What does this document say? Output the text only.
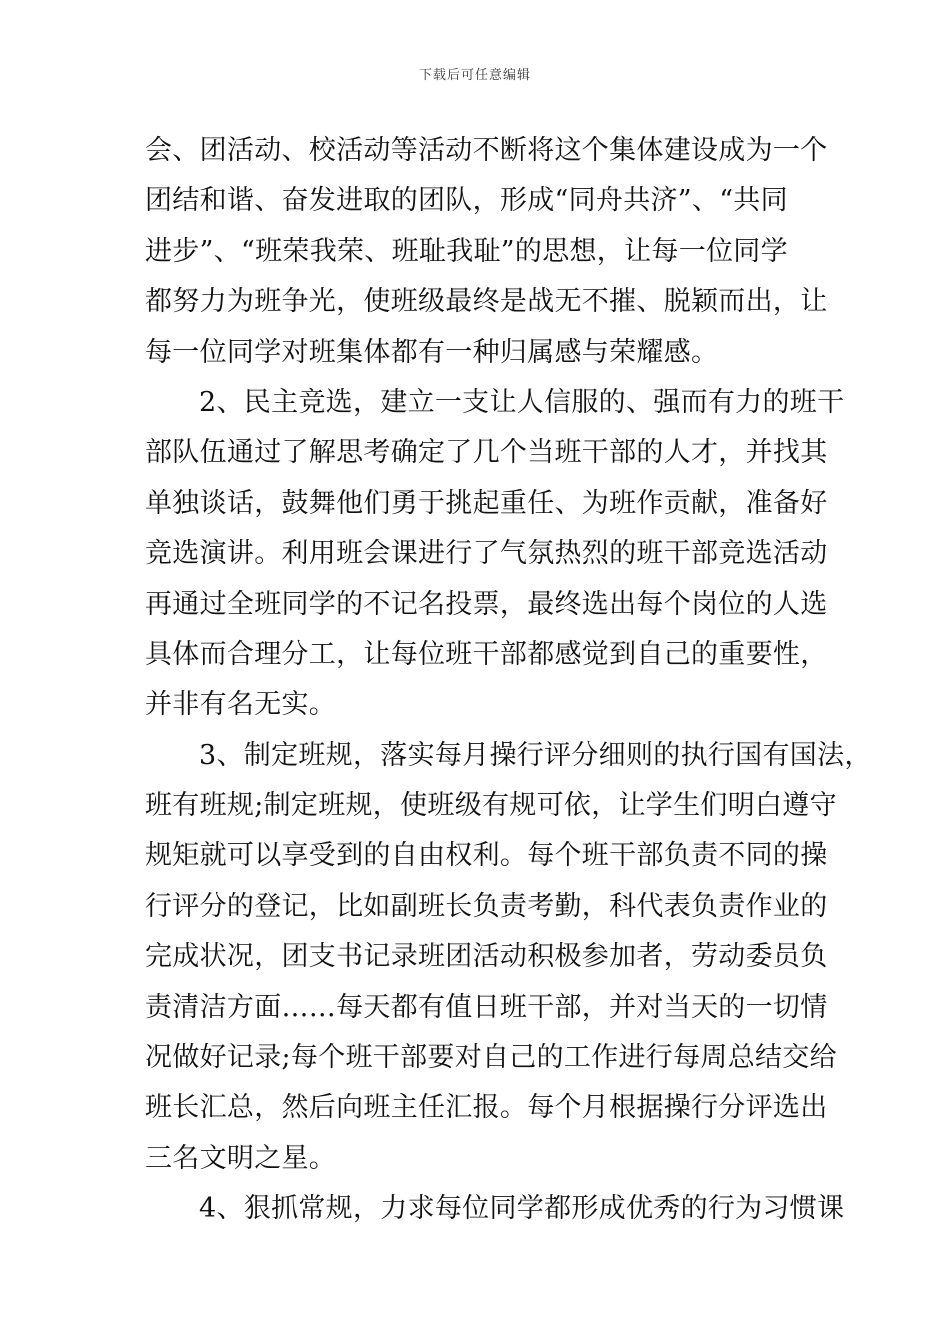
下载后可任意编辑
会、团活动、校活动等活动不断将这个集体建设成为一个
团结和谐、奋发进取的团队，形成“同舟共济”、“共同
进步”、“班荣我荣、班耻我耻”的思想，让每一位同学
都努力为班争光，使班级最终是战无不摧、脱颖而出，让
每一位同学对班集体都有一种归属感与荣耀感。
2、民主竞选，建立一支让人信服的、强而有力的班干
部队伍通过了解思考确定了几个当班干部的人才，并找其
单独谈话，鼓舞他们勇于挑起重任、为班作贡献，准备好
竞选演讲。利用班会课进行了气氛热烈的班干部竞选活动
再通过全班同学的不记名投票，最终选出每个岗位的人选
具体而合理分工，让每位班干部都感觉到自己的重要性，
并非有名无实。
3、制定班规，落实每月操行评分细则的执行国有国法，
班有班规;制定班规，使班级有规可依，让学生们明白遵守
规矩就可以享受到的自由权利。每个班干部负责不同的操
行评分的登记，比如副班长负责考勤，科代表负责作业的
完成状况，团支书记录班团活动积极参加者，劳动委员负
责清洁方面……每天都有值日班干部，并对当天的一切情
况做好记录;每个班干部要对自己的工作进行每周总结交给
班长汇总，然后向班主任汇报。每个月根据操行分评选出
三名文明之星。
4、狠抓常规，力求每位同学都形成优秀的行为习惯课
